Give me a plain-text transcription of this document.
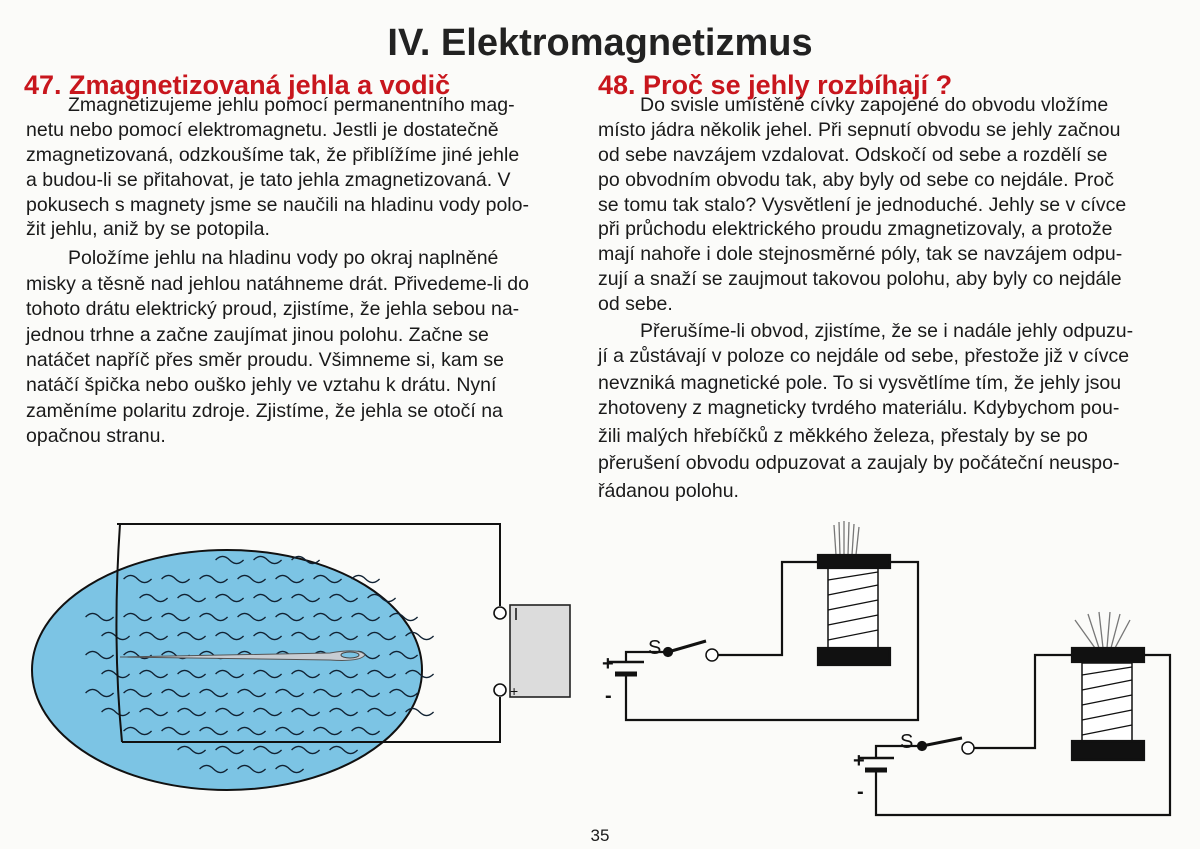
IV. Elektromagnetizmus
47. Zmagnetizovaná jehla a vodič	48. Proč se jehly rozbíhají ?
Zmagnetizujeme jehlu pomocí permanentního mag-
netu nebo pomocí elektromagnetu. Jestli je dostatečně
zmagnetizovaná, odzkoušíme tak, že přiblížíme jiné jehle
a budou-li se přitahovat, je tato jehla zmagnetizovaná. V
pokusech s magnety jsme se naučili na hladinu vody polo-
žit jehlu, aniž by se potopila.
Položíme jehlu na hladinu vody po okraj naplněné
misky a těsně nad jehlou natáhneme drát. Přivedeme-li do
tohoto drátu elektrický proud, zjistíme, že jehla sebou na-
jednou trhne a začne zaujímat jinou polohu. Začne se
natáčet napříč přes směr proudu. Všimneme si, kam se
natáčí špička nebo ouško jehly ve vztahu k drátu. Nyní
zaměníme polaritu zdroje. Zjistíme, že jehla se otočí na
opačnou stranu.
Do svisle umístěné cívky zapojené do obvodu vložíme
místo jádra několik jehel. Při sepnutí obvodu se jehly začnou
od sebe navzájem vzdalovat. Odskočí od sebe a rozdělí se
po obvodním obvodu tak, aby byly od sebe co nejdále. Proč
se tomu tak stalo? Vysvětlení je jednoduché. Jehly se v cívce
při průchodu elektrického proudu zmagnetizovaly, a protože
mají nahoře i dole stejnosměrné póly, tak se navzájem odpu-
zují a snaží se zaujmout takovou polohu, aby byly co nejdále
od sebe.
Přerušíme-li obvod, zjistíme, že se i nadále jehly odpuzu-
jí a zůstávají v poloze co nejdále od sebe, přestože již v cívce
nevzniká magnetické pole. To si vysvětlíme tím, že jehly jsou
zhotoveny z magneticky tvrdého materiálu. Kdybychom pou-
žili malých hřebíčků z měkkého železa, přestaly by se po
přerušení obvodu odpuzovat a zaujaly by počáteční neuspo-
řádanou polohu.
+
S
+
-
S
+
-
35
